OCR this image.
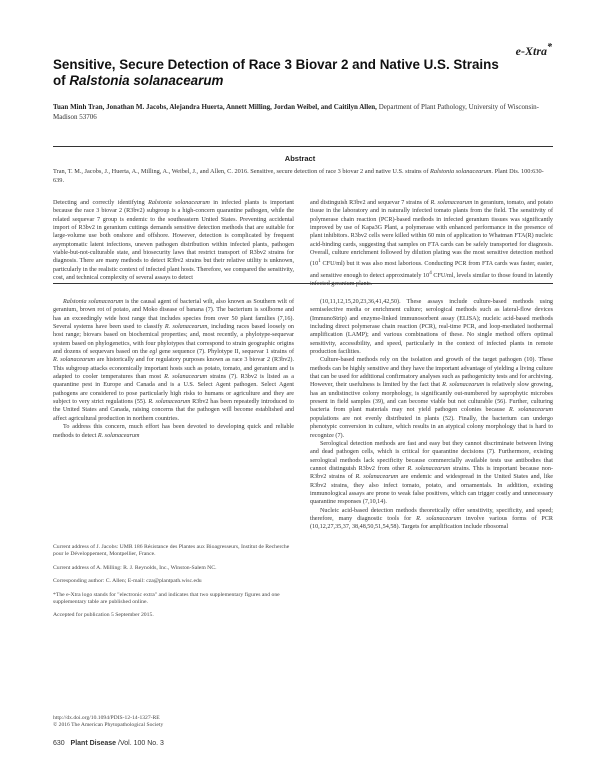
e-Xtra*
Sensitive, Secure Detection of Race 3 Biovar 2 and Native U.S. Strains
of Ralstonia solanacearum
Tuan Minh Tran, Jonathan M. Jacobs, Alejandra Huerta, Annett Milling, Jordan Weibel, and Caitilyn Allen, Department of Plant Pathology, University of Wisconsin-Madison 53706
Abstract
Tran, T. M., Jacobs, J., Huerta, A., Milling, A., Weibel, J., and Allen, C. 2016. Sensitive, secure detection of race 3 biovar 2 and native U.S. strains of Ralstonia solanacearum. Plant Dis. 100:630-639.

Detecting and correctly identifying Ralstonia solanacearum in infected plants is important because the race 3 biovar 2 (R3bv2) subgroup is a high-concern quarantine pathogen, while the related sequevar 7 group is endemic to the southeastern United States. Preventing accidental import of R3bv2 in geranium cuttings demands sensitive detection methods that are suitable for large-volume use both onshore and offshore. However, detection is complicated by frequent asymptomatic latent infections, uneven pathogen distribution within infected plants, pathogen viable-but-not-culturable state, and biosecurity laws that restrict transport of R3bv2 strains for diagnosis. There are many methods to detect R3bv2 strains but their relative utility is unknown, particularly in the realistic context of infected plant hosts. Therefore, we compared the sensitivity, cost, and technical complexity of several assays to detect

and distinguish R3bv2 and sequevar 7 strains of R. solanacearum in geranium, tomato, and potato tissue in the laboratory and in naturally infected tomato plants from the field. The sensitivity of polymerase chain reaction (PCR)-based methods in infected geranium tissues was significantly improved by use of Kapa3G Plant, a polymerase with enhanced performance in the presence of plant inhibitors. R3bv2 cells were killed within 60 min of application to Whatman FTA(R) nucleic acid-binding cards, suggesting that samples on FTA cards can be safely transported for diagnosis. Overall, culture enrichment followed by dilution plating was the most sensitive detection method ($10^1$ CFU/ml) but it was also most laborious. Conducting PCR from FTA cards was faster, easier, and sensitive enough to detect approximately $10^4$ CFU/ml, levels similar to those found in latently infected geranium plants.

Ralstonia solanacearum is the causal agent of bacterial wilt, also known as Southern wilt of geranium, brown rot of potato, and Moko disease of banana (7). The bacterium is soilborne and has an exceedingly wide host range that includes species from over 50 plant families (7,16). Several systems have been used to classify R. solanacearum, including races based loosely on host range; biovars based on biochemical properties; and, most recently, a phylotype-sequevar system based on phylogenetics, with four phylotypes that correspond to strain geographic origins and dozens of sequevars based on the egl gene sequence (7). Phylotype II, sequevar 1 strains of R. solanacearum are historically and for regulatory purposes known as race 3 biovar 2 (R3bv2). This subgroup attacks economically important hosts such as potato, tomato, and geranium and is adapted to cooler temperatures than most R. solanacearum strains (7). R3bv2 is listed as a quarantine pest in Europe and Canada and is a U.S. Select Agent pathogen. Select Agent pathogens are considered to pose particularly high risks to humans or agriculture and they are subject to very strict regulations (55). R. solanacearum R3bv2 has been repeatedly introduced to the United States and Canada, raising concerns that the pathogen will become established and affect agricultural production in northern countries.

To address this concern, much effort has been devoted to developing quick and reliable methods to detect R. solanacearum

(10,11,12,15,20,23,36,41,42,50). These assays include culture-based methods using semiselective media or enrichment culture; serological methods such as lateral-flow devices (ImmunoStrip) and enzyme-linked immunosorbent assay (ELISA); nucleic acid-based methods including direct polymerase chain reaction (PCR), real-time PCR, and loop-mediated isothermal amplification (LAMP); and various combinations of these. No single method offers optimal sensitivity, accessibility, and speed, particularly in the context of infected plants in remote production facilities.

Culture-based methods rely on the isolation and growth of the target pathogen (10). These methods can be highly sensitive and they have the important advantage of yielding a living culture that can be used for additional confirmatory analyses such as pathogenicity tests and for archiving. However, their usefulness is limited by the fact that R. solanacearum is relatively slow growing, has an undistinctive colony morphology, is significantly out-numbered by saprophytic microbes present in field samples (39), and can become viable but not culturable (56). Further, culturing bacteria from plant materials may not yield pathogen colonies because R. solanacearum populations are not evenly distributed in plants (52). Finally, the bacterium can undergo phenotypic conversion in culture, which results in an atypical colony morphology that is hard to recognize (7).

Serological detection methods are fast and easy but they cannot discriminate between living and dead pathogen cells, which is critical for quarantine decisions (7). Furthermore, existing serological methods lack specificity because commercially available tests use antibodies that cannot distinguish R3bv2 from other R. solanacearum strains. This is important because non-R3bv2 strains of R. solanacearum are endemic and widespread in the United States and, like R3bv2 strains, they also infect tomato, potato, and ornamentals. In addition, existing immunological assays are prone to weak false positives, which can trigger costly and unnecessary quarantine responses (7,10,14).

Nucleic acid-based detection methods theoretically offer sensitivity, specificity, and speed; therefore, many diagnostic tools for R. solanacearum involve various forms of PCR (10,12,27,35,37, 38,48,50,51,54,58). Targets for amplification include ribosomal

Current address of J. Jacobs: UMR 186 Résistance des Plantes aux Bioagresseurs, Institut de Recherche pour le Développement, Montpellier, France.

Current address of A. Milling: R. J. Reynolds, Inc., Winston-Salem NC.

Corresponding author: C. Allen; E-mail: cza@plantpath.wisc.edu

*The e-Xtra logo stands for "electronic extra" and indicates that two supplementary figures and one supplementary table are published online.

Accepted for publication 5 September 2015.

http://dx.doi.org/10.1094/PDIS-12-14-1327-RE
© 2016 The American Phytopathological Society
630 Plant Disease /Vol. 100 No. 3
